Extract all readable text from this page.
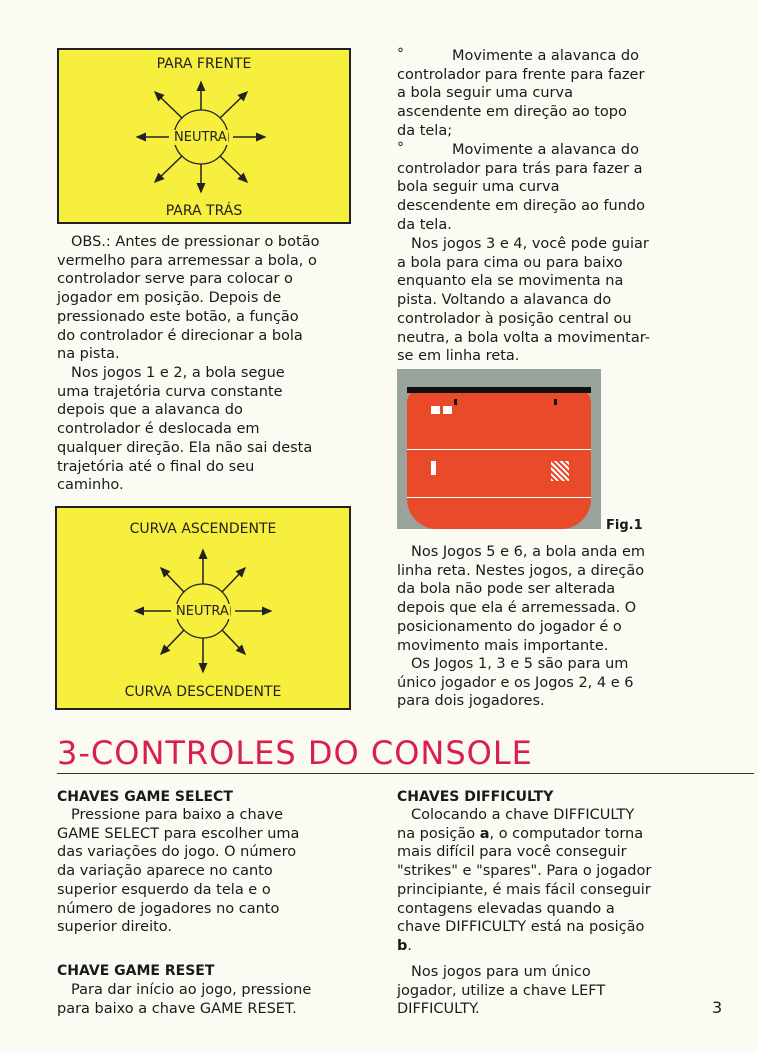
PARA FRENTE
NEUTRA
PARA TRÁS

OBS.: Antes de pressionar o botão
vermelho para arremessar a bola, o
controlador serve para colocar o
jogador em posição. Depois de
pressionado este botão, a função
do controlador é direcionar a bola
na pista.

Nos jogos 1 e 2, a bola segue
uma trajetória curva constante
depois que a alavanca do
controlador é deslocada em
qualquer direção. Ela não sai desta
trajetória até o final do seu
caminho.

CURVA ASCENDENTE
NEUTRA
CURVA DESCENDENTE
°	Movimente a alavanca do
controlador para frente para fazer
a bola seguir uma curva
ascendente em direção ao topo
da tela;

°	Movimente a alavanca do
controlador para trás para fazer a
bola seguir uma curva
descendente em direção ao fundo
da tela.

Nos jogos 3 e 4, você pode guiar
a bola para cima ou para baixo
enquanto ela se movimenta na
pista. Voltando a alavanca do
controlador à posição central ou
neutra, a bola volta a movimentar-
se em linha reta.

Fig.1

Nos Jogos 5 e 6, a bola anda em
linha reta. Nestes jogos, a direção
da bola não pode ser alterada
depois que ela é arremessada. O
posicionamento do jogador é o
movimento mais importante.

Os Jogos 1, 3 e 5 são para um
único jogador e os Jogos 2, 4 e 6
para dois jogadores.

3-CONTROLES DO CONSOLE
CHAVES GAME SELECT

Pressione para baixo a chave
GAME SELECT para escolher uma
das variações do jogo. O número
da variação aparece no canto
superior esquerdo da tela e o
número de jogadores no canto
superior direito.

CHAVE GAME RESET

Para dar início ao jogo, pressione
para baixo a chave GAME RESET.

CHAVES DIFFICULTY

Colocando a chave DIFFICULTY
na posição a, o computador torna
mais difícil para você conseguir
"strikes" e "spares". Para o jogador
principiante, é mais fácil conseguir
contagens elevadas quando a
chave DIFFICULTY está na posição
b.

Nos jogos para um único
jogador, utilize a chave LEFT
DIFFICULTY.	3
